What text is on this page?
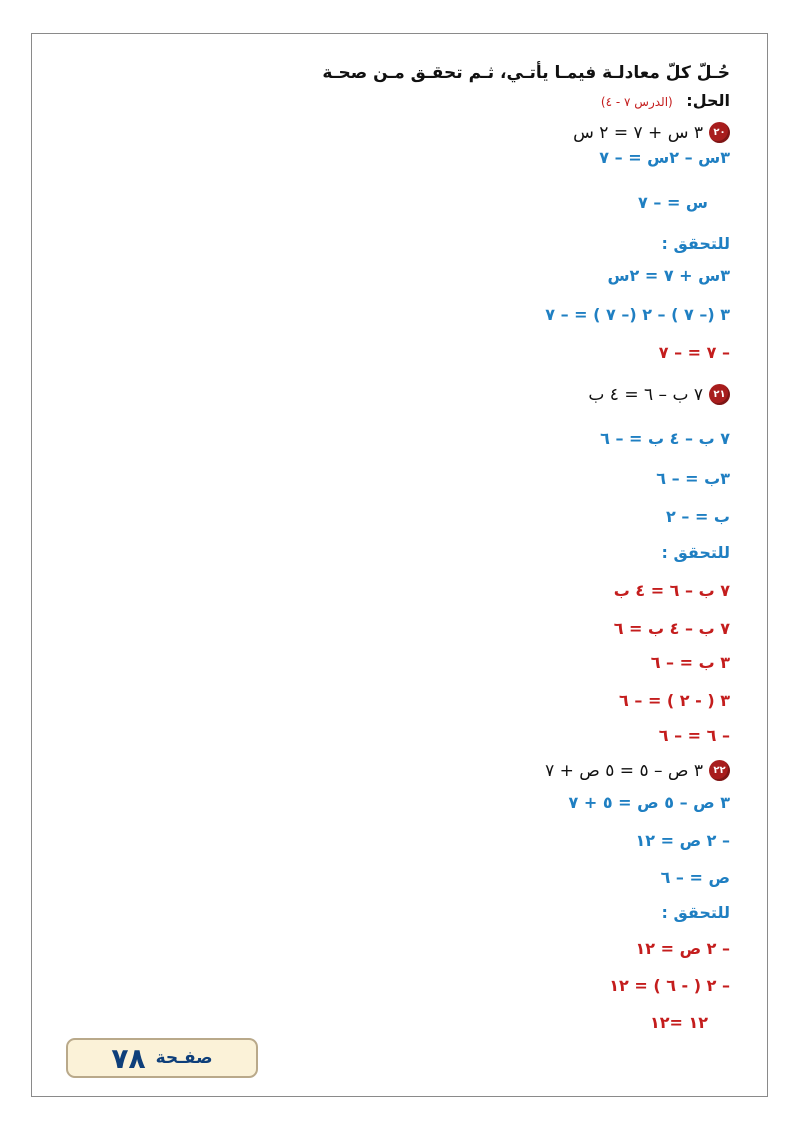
حُـلّ كلّ معادلـة فيمـا يأتـي، ثـم تحقـق مـن صحـة
الحل: (الدرس ٧ - ٤)
٢٠
٣ س + ٧ = ٢ س
٣س – ٢س = – ٧
س = – ٧
للتحقق :
٣س + ٧ = ٢س
٣ (– ٧ ) – ٢ (– ٧ ) = – ٧
– ٧ = – ٧
٢١
٧ ب – ٦ = ٤ ب
٧ ب – ٤ ب = – ٦
٣ب = – ٦
ب = – ٢
للتحقق :
٧ ب – ٦ = ٤ ب
٧ ب – ٤ ب = ٦
٣ ب = – ٦
٣ ( - ٢ ) = – ٦
– ٦ = – ٦
٢٢
٣ ص – ٥ = ٥ ص + ٧
٣ ص – ٥ ص = ٥ + ٧
– ٢ ص = ١٢
ص = – ٦
للتحقق :
– ٢ ص = ١٢
– ٢ ( - ٦ ) = ١٢
١٢ =١٢
صفـحة
٧٨
